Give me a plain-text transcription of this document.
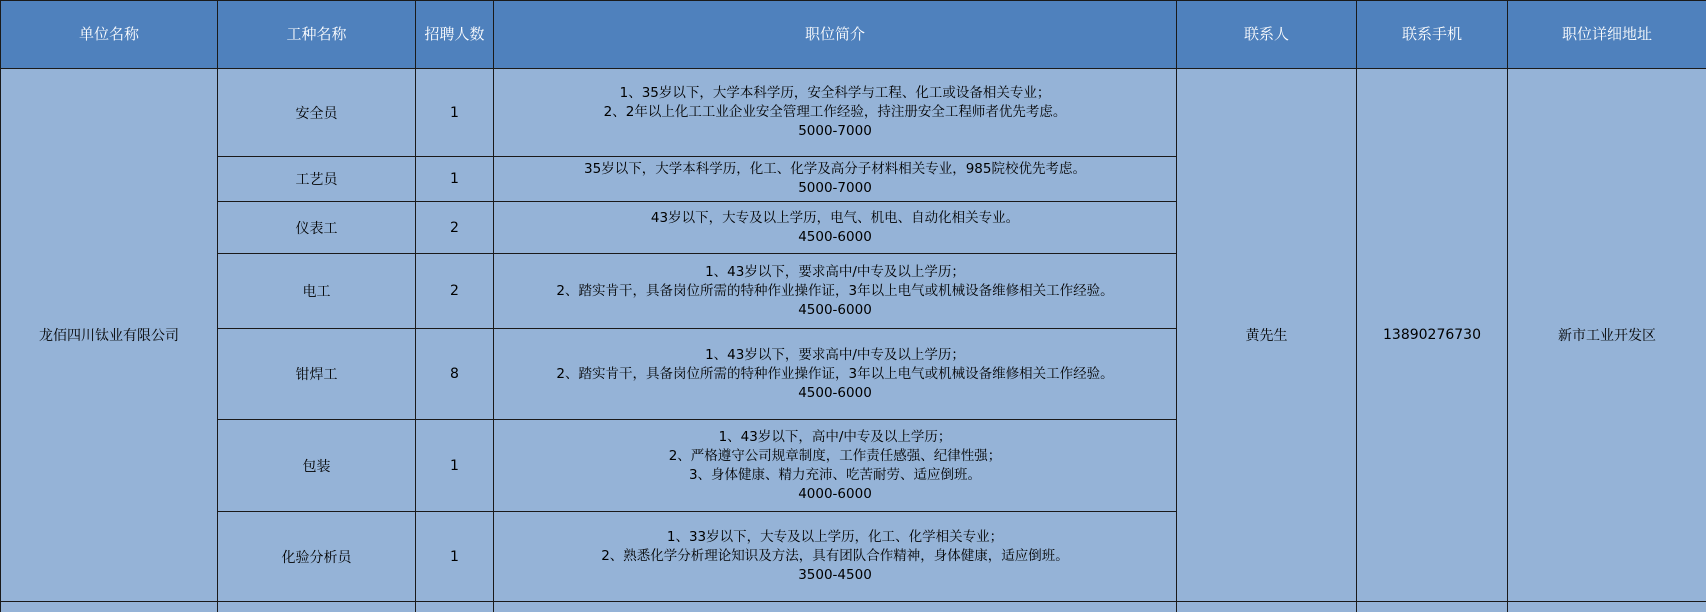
单位名称	工种名称	招聘人数	职位简介	联系人	联系手机	职位详细地址
龙佰四川钛业有限公司	安全员	1	1、35岁以下，大学本科学历，安全科学与工程、化工或设备相关专业；
2、2年以上化工工业企业安全管理工作经验，持注册安全工程师者优先考虑。
5000-7000	黄先生	13890276730	新市工业开发区
	工艺员	1	35岁以下，大学本科学历，化工、化学及高分子材料相关专业，985院校优先考虑。
5000-7000			

	仪表工	2	43岁以下，大专及以上学历，电气、机电、自动化相关专业。
4500-6000			

	电工	2	1、43岁以下，要求高中/中专及以上学历；
2、踏实肯干，具备岗位所需的特种作业操作证，3年以上电气或机械设备维修相关工作经验。
4500-6000			

	钳焊工	8	1、43岁以下，要求高中/中专及以上学历；
2、踏实肯干，具备岗位所需的特种作业操作证，3年以上电气或机械设备维修相关工作经验。
4500-6000			

	包装	1	1、43岁以下，高中/中专及以上学历；
2、严格遵守公司规章制度，工作责任感强、纪律性强；
3、身体健康、精力充沛、吃苦耐劳、适应倒班。
4000-6000			

	化验分析员	1	1、33岁以下，大专及以上学历，化工、化学相关专业；
2、熟悉化学分析理论知识及方法，具有团队合作精神，身体健康，适应倒班。
3500-4500			
